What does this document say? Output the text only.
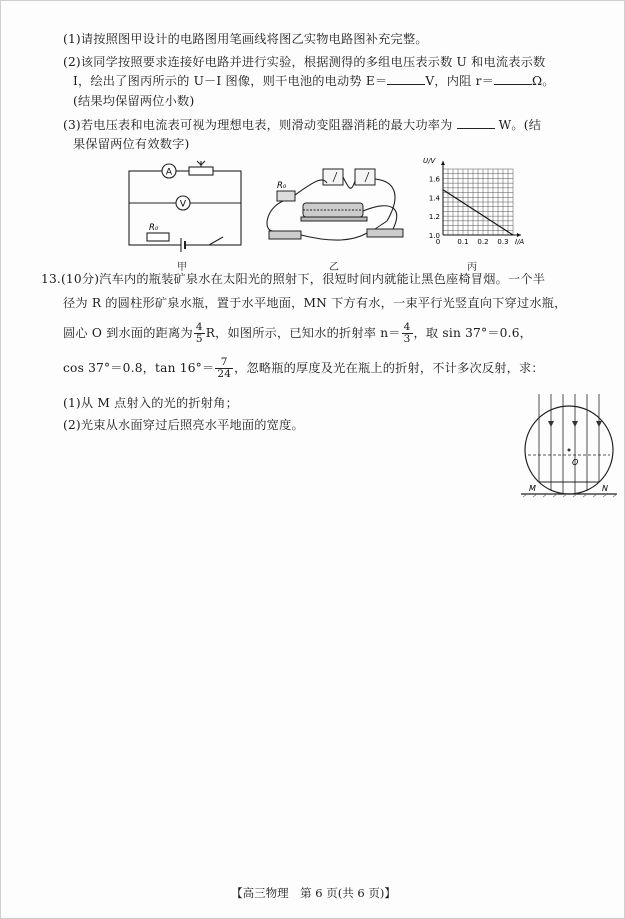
(1)请按照图甲设计的电路图用笔画线将图乙实物电路图补充完整。
(2)该同学按照要求连接好电路并进行实验，根据测得的多组电压表示数 U 和电流表示数
I，绘出了图丙所示的 U－I 图像，则干电池的电动势 E＝	V，内阻 r＝	Ω。
(结果均保留两位小数)
(3)若电压表和电流表可视为理想电表，则滑动变阻器消耗的最大功率为	W。(结
果保留两位有效数字)
A
V
R₀
甲
R₀
乙
1.6
1.4
1.2
1.0
0 0.1 0.2 0.3
U/V
I/A
丙
13.(10分)汽车内的瓶装矿泉水在太阳光的照射下，很短时间内就能让黑色座椅冒烟。一个半
径为 R 的圆柱形矿泉水瓶，置于水平地面，MN 下方有水，一束平行光竖直向下穿过水瓶，
圆心 O 到水面的距离为 $\frac{4}{5}$ R，如图所示，已知水的折射率 $n= \frac{4}{3}$ ，取 sin 37°＝0.6，
cos 37°＝0.8，$\tan 16^\circ= \frac{7}{24}$ ，忽略瓶的厚度及光在瓶上的折射，不计多次反射，求：
(1)从 M 点射入的光的折射角；
(2)光束从水面穿过后照亮水平地面的宽度。
O
M	N
【高三物理　第 6 页(共 6 页)】
